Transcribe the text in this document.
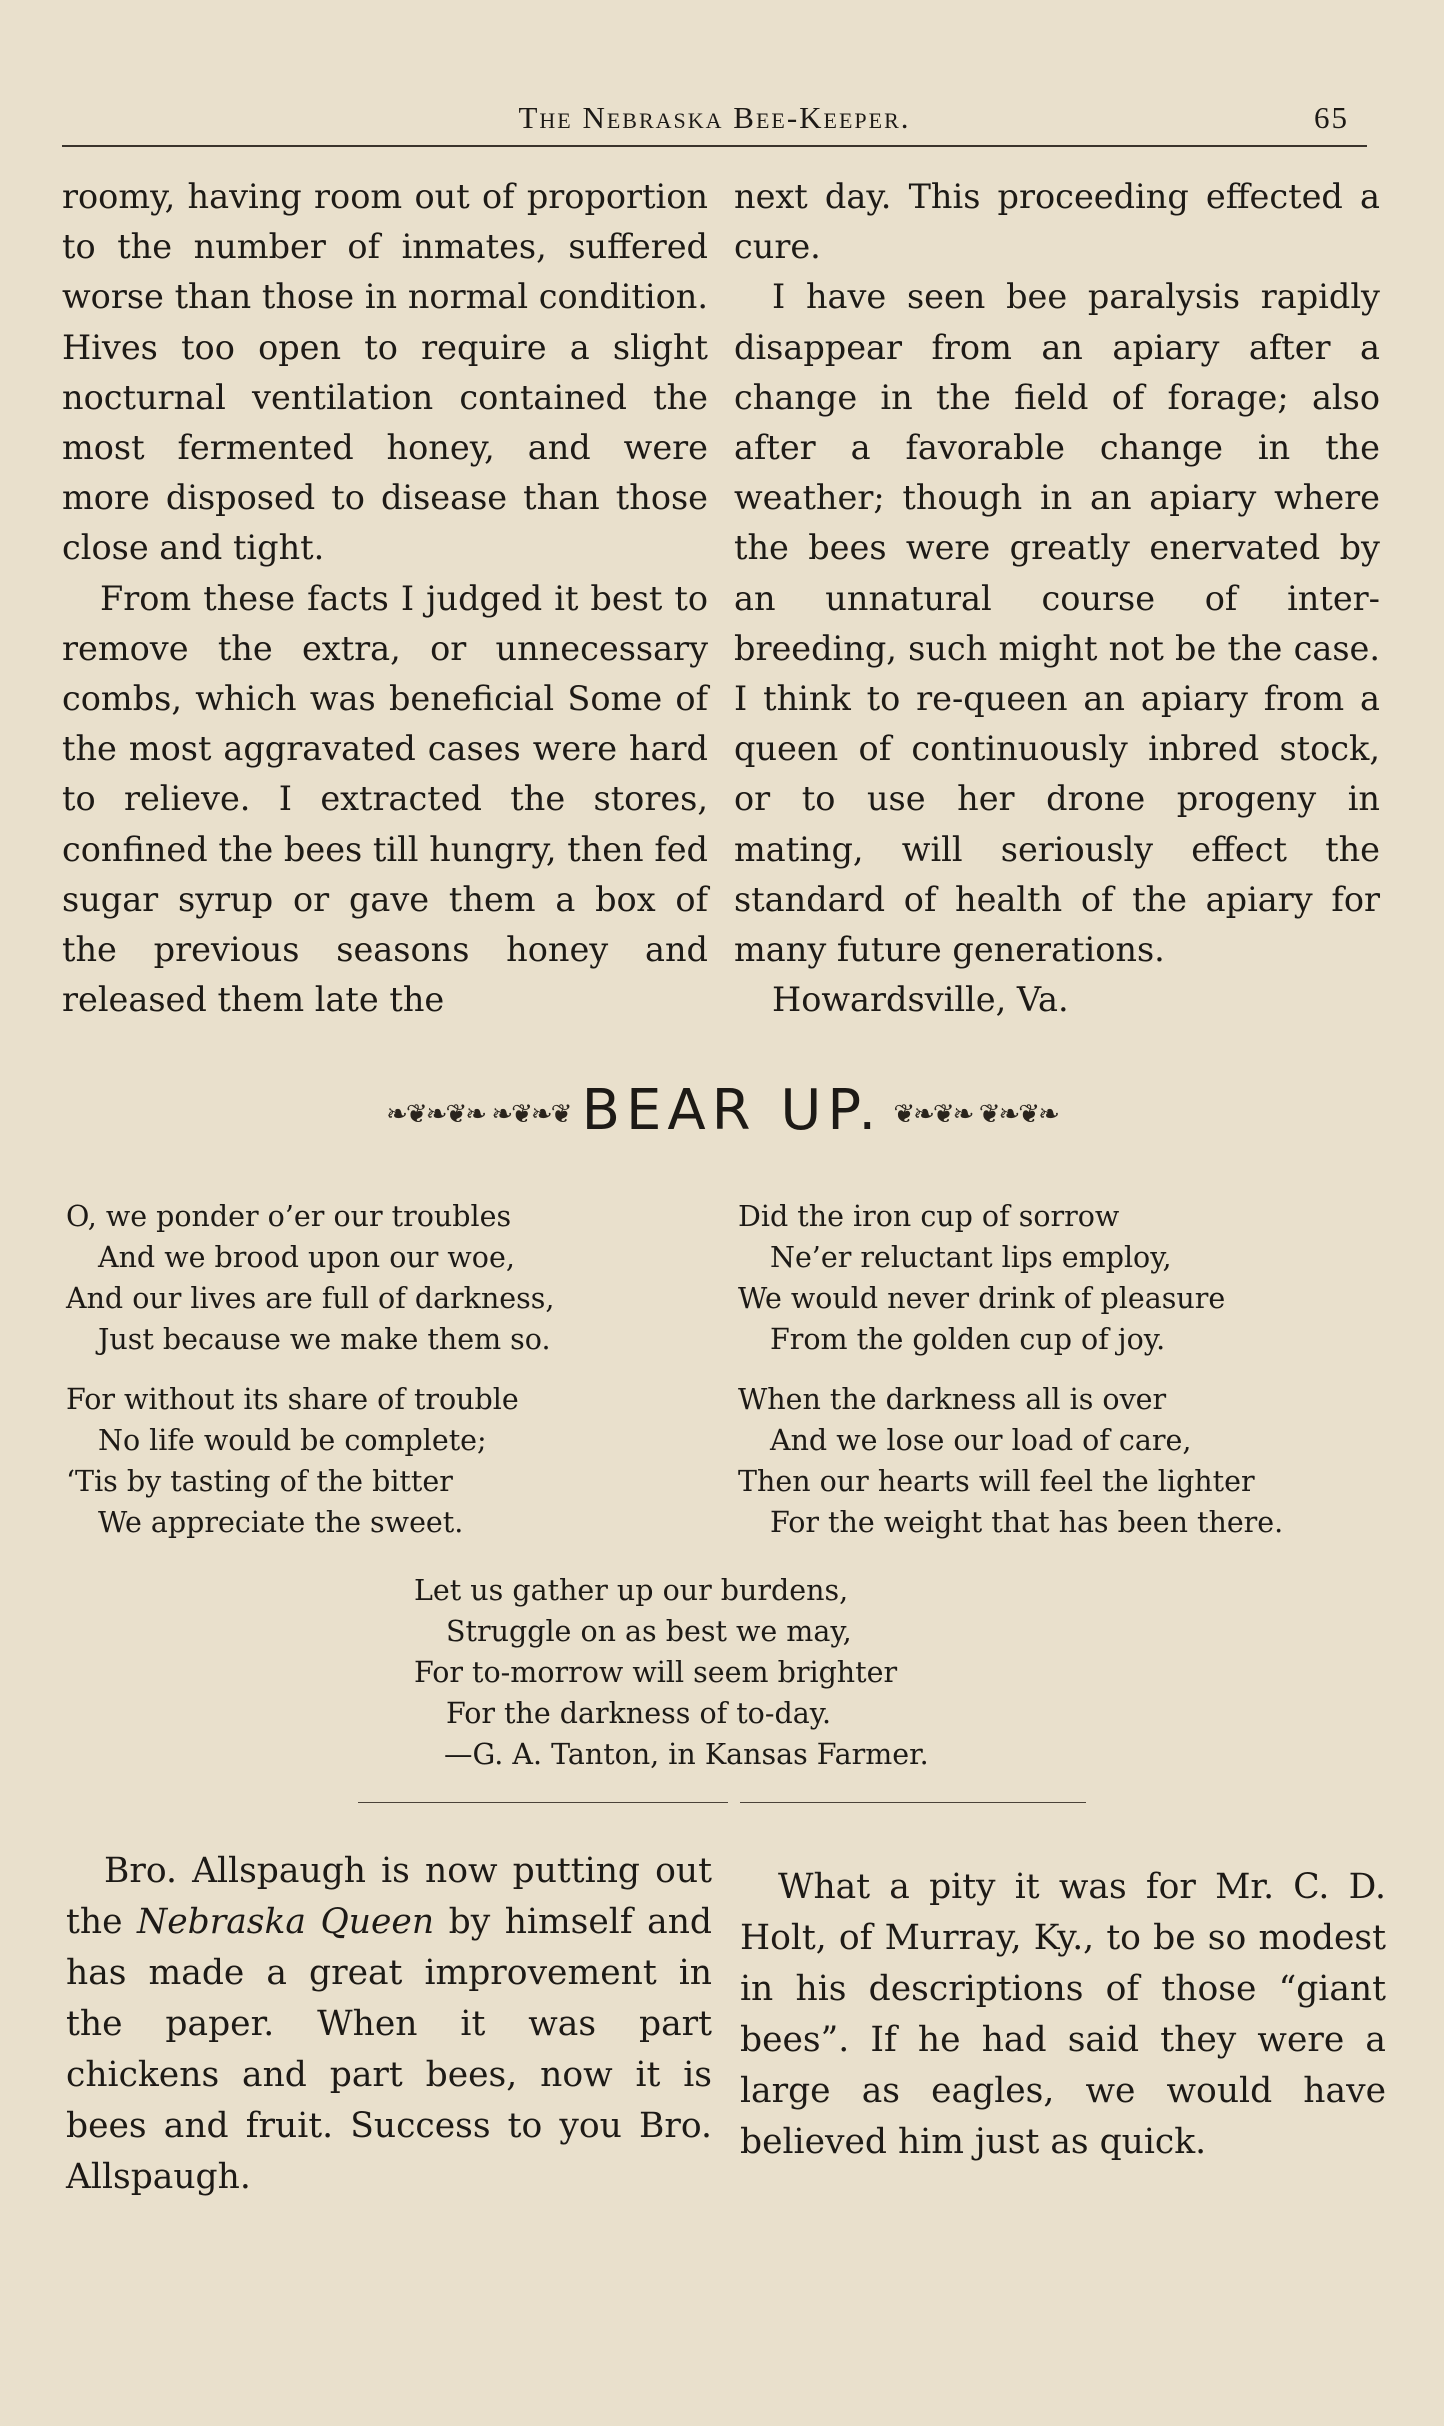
The Nebraska Bee-Keeper.	65

roomy, having room out of proportion to the number of inmates, suffered worse than those in normal condition. Hives too open to require a slight nocturnal ventilation contained the most fermented honey, and were more disposed to disease than those close and tight.

From these facts I judged it best to remove the extra, or unnecessary combs, which was beneficial Some of the most aggravated cases were hard to relieve. I extracted the stores, confined the bees till hungry, then fed sugar syrup or gave them a box of the previous seasons honey and released them late the

next day. This proceeding effected a cure.

I have seen bee paralysis rapidly disappear from an apiary after a change in the field of forage; also after a favorable change in the weather; though in an apiary where the bees were greatly enervated by an unnatural course of inter-breeding, such might not be the case. I think to re-queen an apiary from a queen of continuously inbred stock, or to use her drone progeny in mating, will seriously effect the standard of health of the apiary for many future generations.

Howardsville, Va.

❧❦❧❦❧ ❧❦❧❦ BEAR UP. ❦❧❦❧ ❦❧❦❧
O, we ponder o’er our troubles
And we brood upon our woe,
And our lives are full of darkness,
Just because we make them so.
For without its share of trouble
No life would be complete;
‘Tis by tasting of the bitter
We appreciate the sweet.
Did the iron cup of sorrow
Ne’er reluctant lips employ,
We would never drink of pleasure
From the golden cup of joy.
When the darkness all is over
And we lose our load of care,
Then our hearts will feel the lighter
For the weight that has been there.
Let us gather up our burdens,
Struggle on as best we may,
For to-morrow will seem brighter
For the darkness of to-day.
—G. A. Tanton, in Kansas Farmer.

Bro. Allspaugh is now putting out the Nebraska Queen by himself and has made a great improvement in the paper. When it was part chickens and part bees, now it is bees and fruit. Success to you Bro. Allspaugh.

What a pity it was for Mr. C. D. Holt, of Murray, Ky., to be so modest in his descriptions of those “giant bees”. If he had said they were a large as eagles, we would have believed him just as quick.
